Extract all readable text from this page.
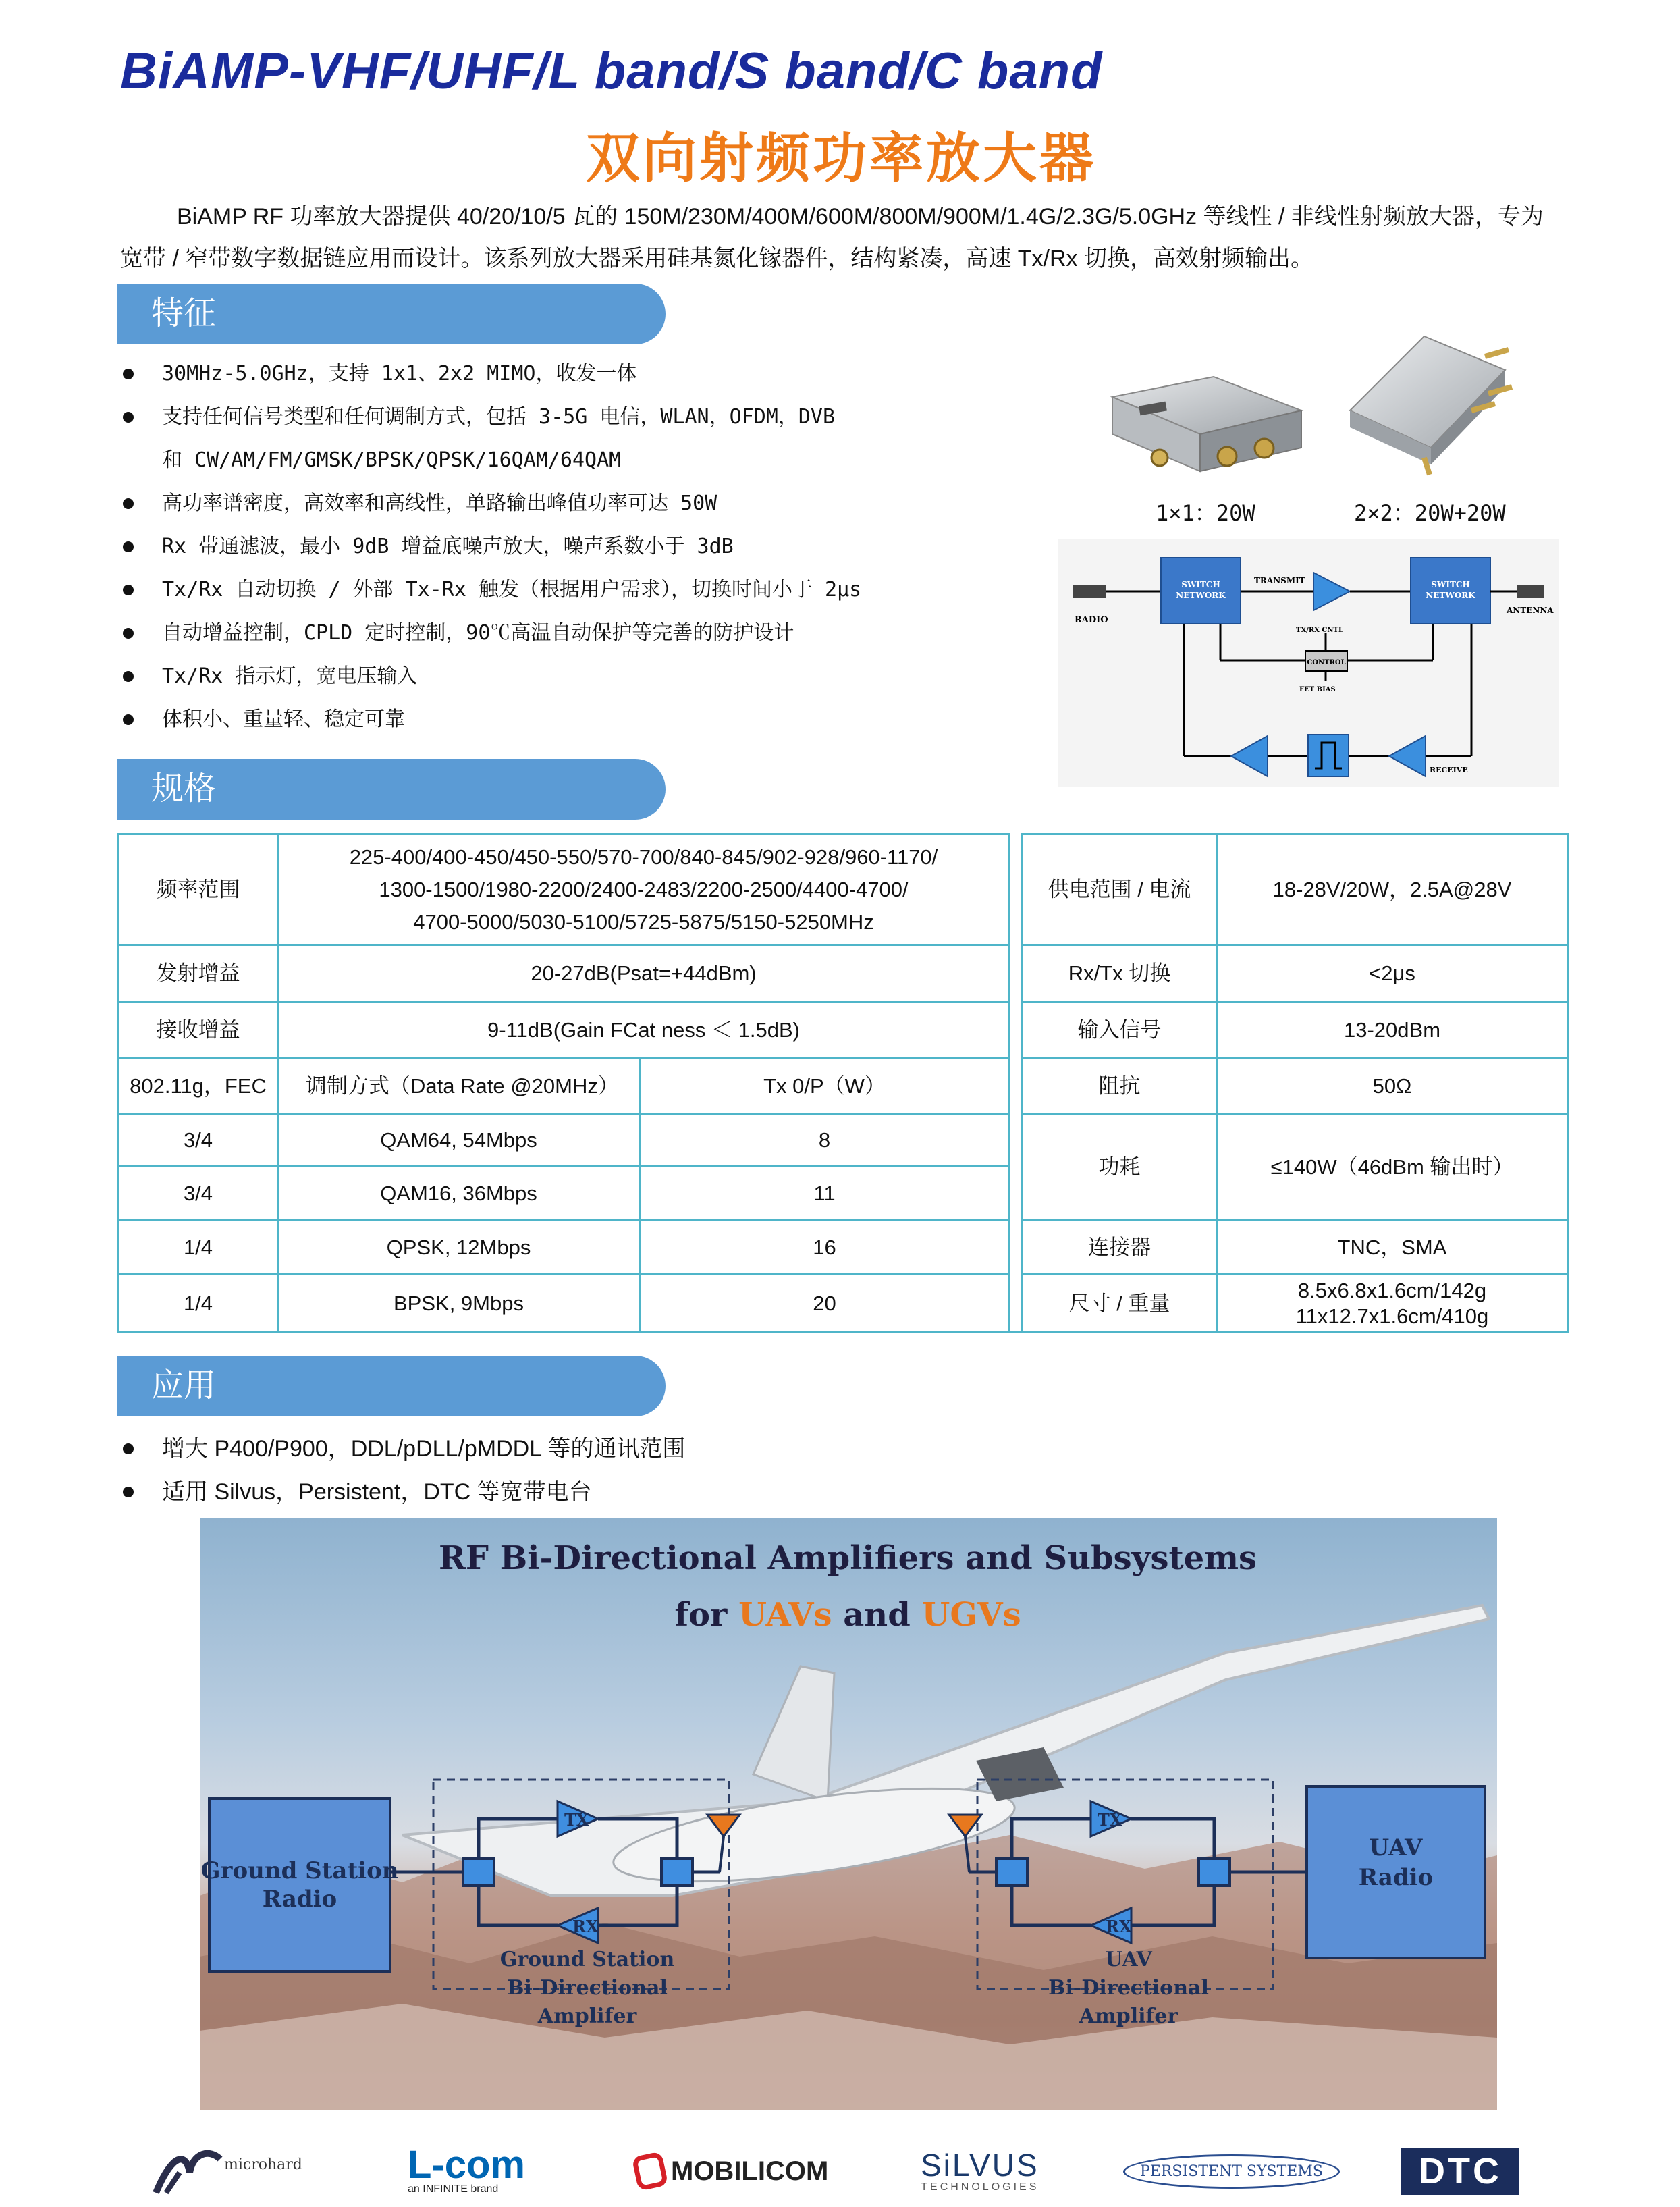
BiAMP-VHF/UHF/L band/S band/C band
双向射频功率放大器
BiAMP RF 功率放大器提供 40/20/10/5 瓦的 150M/230M/400M/600M/800M/900M/1.4G/2.3G/5.0GHz 等线性 / 非线性射频放大器，专为宽带 / 窄带数字数据链应用而设计。该系列放大器采用硅基氮化镓器件，结构紧凑，高速 Tx/Rx 切换，高效射频输出。
特征
30MHz-5.0GHz，支持 1x1、2x2 MIMO，收发一体
支持任何信号类型和任何调制方式，包括 3-5G 电信，WLAN，OFDM，DVB
和 CW/AM/FM/GMSK/BPSK/QPSK/16QAM/64QAM
高功率谱密度，高效率和高线性，单路输出峰值功率可达 50W
Rx 带通滤波，最小 9dB 增益底噪声放大，噪声系数小于 3dB
Tx/Rx 自动切换 / 外部 Tx-Rx 触发（根据用户需求），切换时间小于 2μs
自动增益控制，CPLD 定时控制，90℃高温自动保护等完善的防护设计
Tx/Rx 指示灯，宽电压输入
体积小、重量轻、稳定可靠
1×1：20W	2×2：20W+20W
RADIO
SWITCH
NETWORK
TRANSMIT	SWITCH
NETWORK
ANTENNA
TX/RX CNTL
CONTROL
FET BIAS
RECEIVE
规格
频率范围	225-400/400-450/450-550/570-700/840-845/902-928/960-1170/
1300-1500/1980-2200/2400-2483/2200-2500/4400-4700/
4700-5000/5030-5100/5725-5875/5150-5250MHz			供电范围 / 电流	18-28V/20W，2.5A@28V
发射增益	20-27dB(Psat=+44dBm)			Rx/Tx 切换	<2μs
接收增益	9-11dB(Gain FCat ness ＜ 1.5dB)			输入信号	13-20dBm
802.11g，FEC	调制方式（Data Rate @20MHz）	Tx 0/P（W）		阻抗	50Ω
3/4	QAM64, 54Mbps	8		功耗	≤140W（46dBm 输出时）
3/4	QAM16, 36Mbps	11			
1/4	QPSK, 12Mbps	16		连接器	TNC，SMA
1/4	BPSK, 9Mbps	20		尺寸 / 重量	8.5x6.8x1.6cm/142g
11x12.7x1.6cm/410g
应用
增大 P400/P900，DDL/pDLL/pMDDL 等的通讯范围
适用 Silvus，Persistent，DTC 等宽带电台
RF Bi-Directional Amplifiers and Subsystems
for UAVs and UGVs
Ground Station
Radio
TX
RX
Ground Station
Bi-Directional
Amplifer
TX
RX
UAV
Bi-Directional
Amplifer
UAV
Radio
microhard	L-com
an INFINITE brand
MOBILICOM	SiLVUS
TECHNOLOGIES
PERSISTENT SYSTEMS	DTC
